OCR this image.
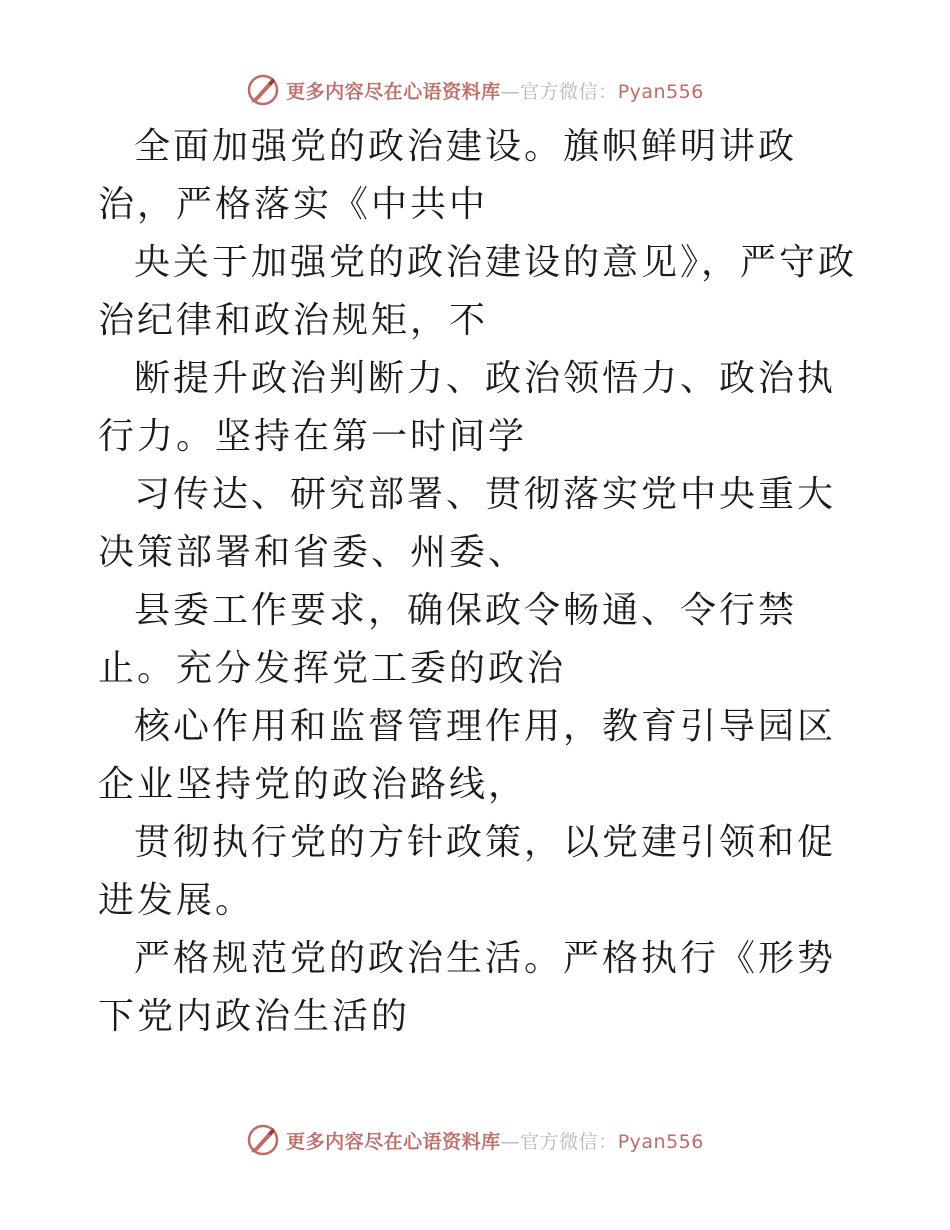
更多内容尽在心语资料库—官方微信：Pyan556

全面加强党的政治建设。旗帜鲜明讲政治，严格落实《中共中

央关于加强党的政治建设的意见》，严守政治纪律和政治规矩，不

断提升政治判断力、政治领悟力、政治执行力。坚持在第一时间学

习传达、研究部署、贯彻落实党中央重大决策部署和省委、州委、

县委工作要求，确保政令畅通、令行禁止。充分发挥党工委的政治

核心作用和监督管理作用，教育引导园区企业坚持党的政治路线，

贯彻执行党的方针政策，以党建引领和促进发展。

严格规范党的政治生活。严格执行《形势下党内政治生活的

更多内容尽在心语资料库—官方微信：Pyan556
